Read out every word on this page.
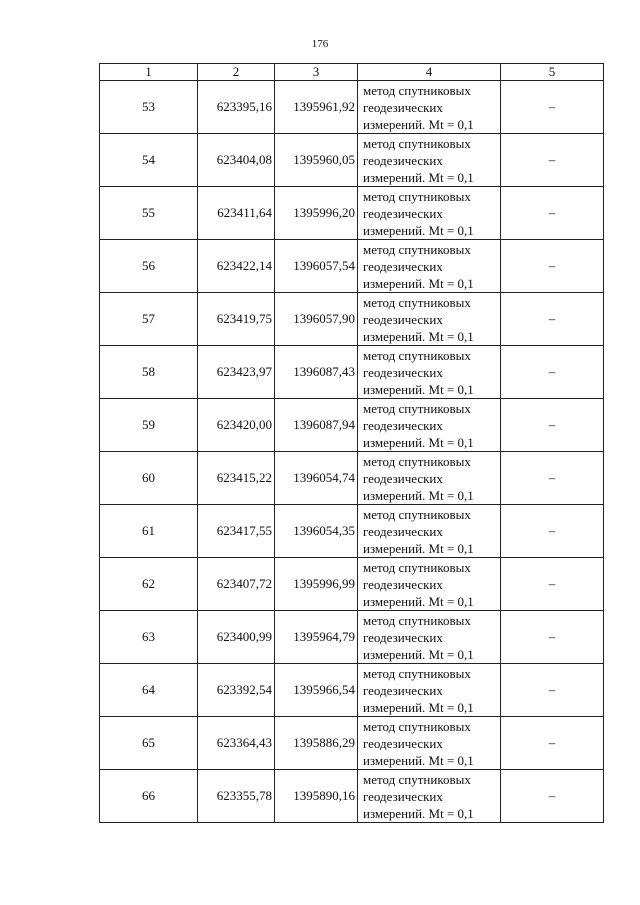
176
1	2	3	4	5
53	623395,16	1395961,92	метод спутниковых
геодезических
измерений. Mt = 0,1	–
54	623404,08	1395960,05	метод спутниковых
геодезических
измерений. Mt = 0,1	–
55	623411,64	1395996,20	метод спутниковых
геодезических
измерений. Mt = 0,1	–
56	623422,14	1396057,54	метод спутниковых
геодезических
измерений. Mt = 0,1	–
57	623419,75	1396057,90	метод спутниковых
геодезических
измерений. Mt = 0,1	–
58	623423,97	1396087,43	метод спутниковых
геодезических
измерений. Mt = 0,1	–
59	623420,00	1396087,94	метод спутниковых
геодезических
измерений. Mt = 0,1	–
60	623415,22	1396054,74	метод спутниковых
геодезических
измерений. Mt = 0,1	–
61	623417,55	1396054,35	метод спутниковых
геодезических
измерений. Mt = 0,1	–
62	623407,72	1395996,99	метод спутниковых
геодезических
измерений. Mt = 0,1	–
63	623400,99	1395964,79	метод спутниковых
геодезических
измерений. Mt = 0,1	–
64	623392,54	1395966,54	метод спутниковых
геодезических
измерений. Mt = 0,1	–
65	623364,43	1395886,29	метод спутниковых
геодезических
измерений. Mt = 0,1	–
66	623355,78	1395890,16	метод спутниковых
геодезических
измерений. Mt = 0,1	–
